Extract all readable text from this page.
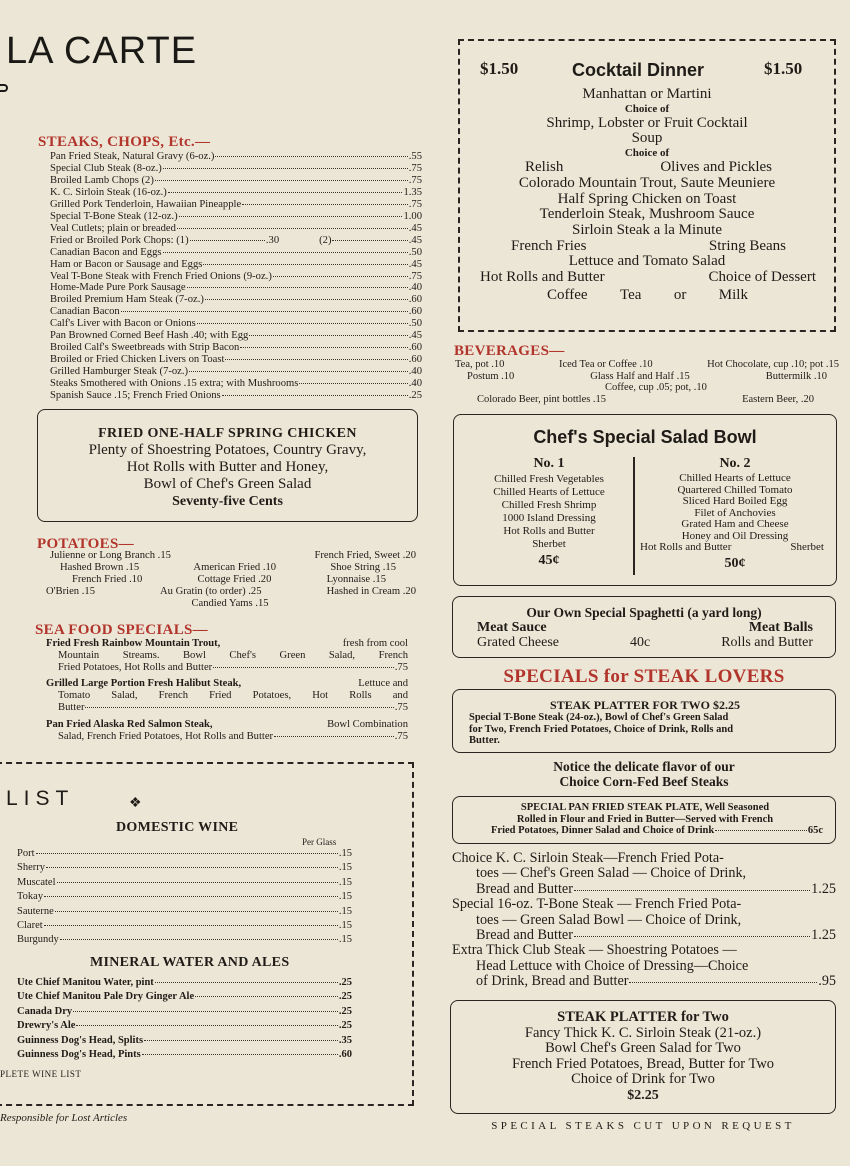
LA CARTE
STEAKS, CHOPS, Etc.—
Pan Fried Steak, Natural Gravy (6-oz.)	.55
Special Club Steak (8-oz.)	.75
Broiled Lamb Chops (2)	.75
K. C. Sirloin Steak (16-oz.)	1.35
Grilled Pork Tenderloin, Hawaiian Pineapple	.75
Special T-Bone Steak (12-oz.)	1.00
Veal Cutlets; plain or breaded	.45
Fried or Broiled Pork Chops: (1)	.30	(2)	.45
Canadian Bacon and Eggs	.50
Ham or Bacon or Sausage and Eggs	.45
Veal T-Bone Steak with French Fried Onions (9-oz.)	.75
Home-Made Pure Pork Sausage	.40
Broiled Premium Ham Steak (7-oz.)	.60
Canadian Bacon	.60
Calf's Liver with Bacon or Onions	.50
Pan Browned Corned Beef Hash .40; with Egg	.45
Broiled Calf's Sweetbreads with Strip Bacon	.60
Broiled or Fried Chicken Livers on Toast	.60
Grilled Hamburger Steak (7-oz.)	.40
Steaks Smothered with Onions .15 extra; with Mushrooms	.40
Spanish Sauce .15; French Fried Onions	.25
FRIED ONE-HALF SPRING CHICKEN
Plenty of Shoestring Potatoes, Country Gravy,
Hot Rolls with Butter and Honey,
Bowl of Chef's Green Salad
Seventy-five Cents
POTATOES—
Julienne or Long Branch .15	French Fried, Sweet .20
Hashed Brown .15	American Fried .10	Shoe String .15
French Fried .10	Cottage Fried .20	Lyonnaise .15
O'Brien .15	Au Gratin (to order) .25	Hashed in Cream .20
Candied Yams .15
SEA FOOD SPECIALS—
Fried Fresh Rainbow Mountain Trout,	fresh from cool
Mountain Streams. Bowl Chef's Green Salad, French
Fried Potatoes, Hot Rolls and Butter	.75
Grilled Large Portion Fresh Halibut Steak,	Lettuce and
Tomato Salad, French Fried Potatoes, Hot Rolls and
Butter	.75
Pan Fried Alaska Red Salmon Steak,	Bowl Combination
Salad, French Fried Potatoes, Hot Rolls and Butter	.75
LIST	❖
DOMESTIC WINE
Per Glass
Port	.15
Sherry	.15
Muscatel	.15
Tokay	.15
Sauterne	.15
Claret	.15
Burgundy	.15
MINERAL WATER AND ALES
Ute Chief Manitou Water, pint	.25
Ute Chief Manitou Pale Dry Ginger Ale	.25
Canada Dry	.25
Drewry's Ale	.25
Guinness Dog's Head, Splits	.35
Guinness Dog's Head, Pints	.60
PLETE WINE LIST
Responsible for Lost Articles
$1.50	Cocktail Dinner	$1.50
Manhattan or Martini
Choice of
Shrimp, Lobster or Fruit Cocktail
Soup
Choice of
Relish	Olives and Pickles
Colorado Mountain Trout, Saute Meuniere
Half Spring Chicken on Toast
Tenderloin Steak, Mushroom Sauce
Sirloin Steak a la Minute
French Fries	String Beans
Lettuce and Tomato Salad
Hot Rolls and Butter	Choice of Dessert
Coffee Tea or Milk
BEVERAGES—
Tea, pot .10	Iced Tea or Coffee .10	Hot Chocolate, cup .10; pot .15
Postum .10	Glass Half and Half .15	Buttermilk .10
Coffee, cup .05; pot, .10
Colorado Beer, pint bottles .15	Eastern Beer, .20
Chef's Special Salad Bowl
No. 1
Chilled Fresh Vegetables
Chilled Hearts of Lettuce
Chilled Fresh Shrimp
1000 Island Dressing
Hot Rolls and Butter
Sherbet
45¢
No. 2
Chilled Hearts of Lettuce
Quartered Chilled Tomato
Sliced Hard Boiled Egg
Filet of Anchovies
Grated Ham and Cheese
Honey and Oil Dressing
Hot Rolls and Butter	Sherbet
50¢
Our Own Special Spaghetti (a yard long)
Meat Sauce	Meat Balls
Grated Cheese	40c	Rolls and Butter
SPECIALS for STEAK LOVERS
STEAK PLATTER FOR TWO $2.25
Special T-Bone Steak (24-oz.), Bowl of Chef's Green Salad
for Two, French Fried Potatoes, Choice of Drink, Rolls and
Butter.
Notice the delicate flavor of our
Choice Corn-Fed Beef Steaks
SPECIAL PAN FRIED STEAK PLATE, Well Seasoned
Rolled in Flour and Fried in Butter—Served with French
Fried Potatoes, Dinner Salad and Choice of Drink	65c
Choice K. C. Sirloin Steak—French Fried Pota-
toes — Chef's Green Salad — Choice of Drink,
Bread and Butter	1.25
Special 16-oz. T-Bone Steak — French Fried Pota-
toes — Green Salad Bowl — Choice of Drink,
Bread and Butter	1.25
Extra Thick Club Steak — Shoestring Potatoes —
Head Lettuce with Choice of Dressing—Choice
of Drink, Bread and Butter	.95
STEAK PLATTER for Two
Fancy Thick K. C. Sirloin Steak (21-oz.)
Bowl Chef's Green Salad for Two
French Fried Potatoes, Bread, Butter for Two
Choice of Drink for Two
$2.25
SPECIAL STEAKS CUT UPON REQUEST
